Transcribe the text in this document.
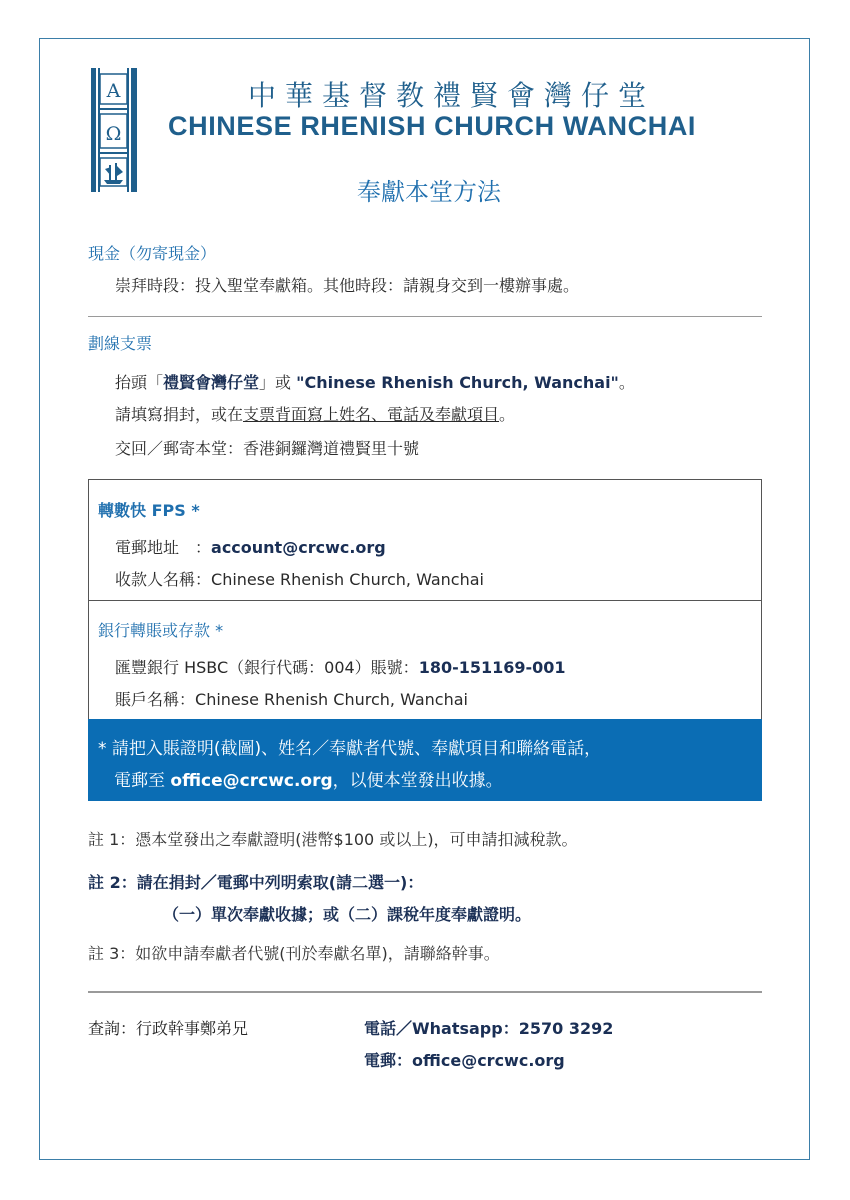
A
Ω
中華基督教禮賢會灣仔堂
CHINESE RHENISH CHURCH WANCHAI
奉獻本堂方法
現金（勿寄現金）
崇拜時段：投入聖堂奉獻箱。其他時段：請親身交到一樓辦事處。
劃線支票
抬頭「禮賢會灣仔堂」或 "Chinese Rhenish Church, Wanchai"。
請填寫捐封，或在支票背面寫上姓名、電話及奉獻項目。
交回／郵寄本堂：香港銅鑼灣道禮賢里十號
轉數快 FPS *
電郵地址　：account@crcwc.org
收款人名稱：Chinese Rhenish Church, Wanchai
銀行轉賬或存款 *
匯豐銀行 HSBC（銀行代碼：004）賬號：180-151169-001
賬戶名稱：Chinese Rhenish Church, Wanchai
* 請把入賬證明(截圖)、姓名／奉獻者代號、奉獻項目和聯絡電話，
電郵至 office@crcwc.org，以便本堂發出收據。
註 1：憑本堂發出之奉獻證明(港幣$100 或以上)，可申請扣減稅款。
註 2：請在捐封／電郵中列明索取(請二選一)：
（一）單次奉獻收據；或（二）課稅年度奉獻證明。
註 3：如欲申請奉獻者代號(刊於奉獻名單)，請聯絡幹事。
查詢：行政幹事鄭弟兄	電話／Whatsapp：2570 3292
電郵：office@crcwc.org
